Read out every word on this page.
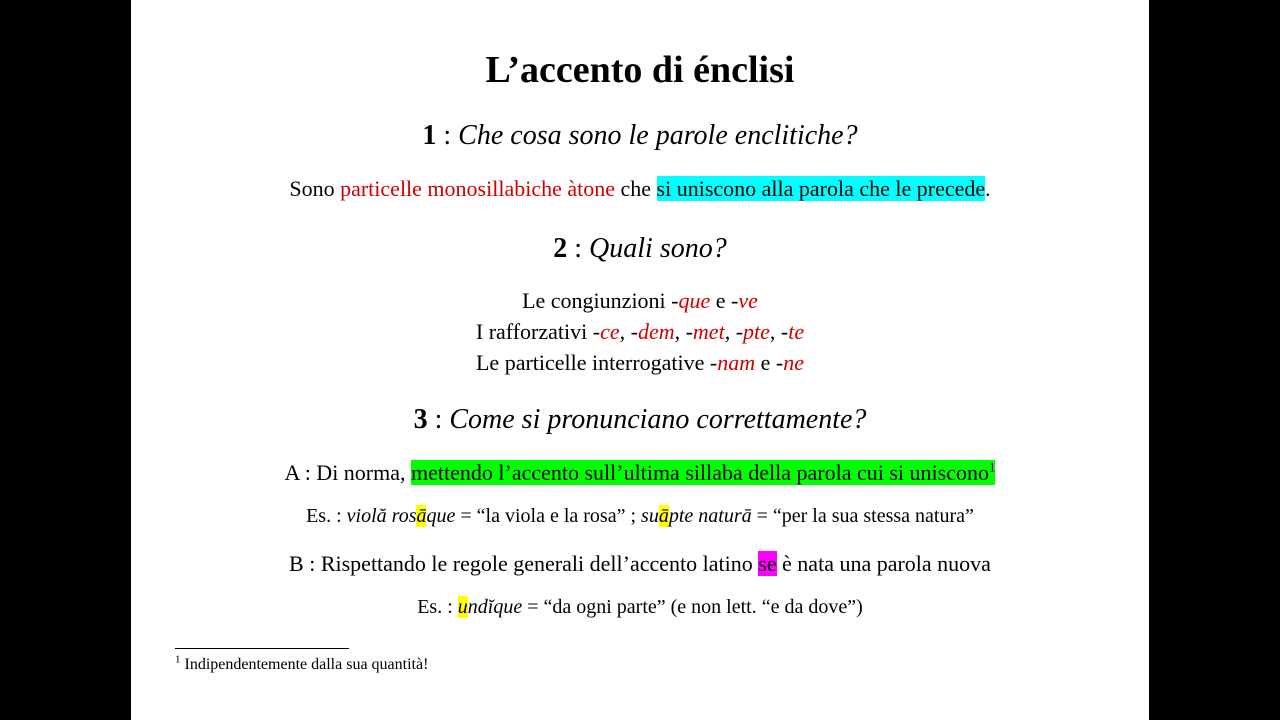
L’accento di énclisi
1 : Che cosa sono le parole enclitiche?
Sono particelle monosillabiche àtone che si uniscono alla parola che le precede.
2 : Quali sono?
Le congiunzioni -que e -ve
I rafforzativi -ce, -dem, -met, -pte, -te
Le particelle interrogative -nam e -ne
3 : Come si pronunciano correttamente?
A : Di norma, mettendo l’accento sull’ultima sillaba della parola cui si uniscono$^1$
Es. : violă rosāque = “la viola e la rosa” ; suāpte naturā = “per la sua stessa natura”
B : Rispettando le regole generali dell’accento latino se è nata una parola nuova
Es. : undĭque = “da ogni parte” (e non lett. “e da dove”)
$^1$ Indipendentemente dalla sua quantità!
